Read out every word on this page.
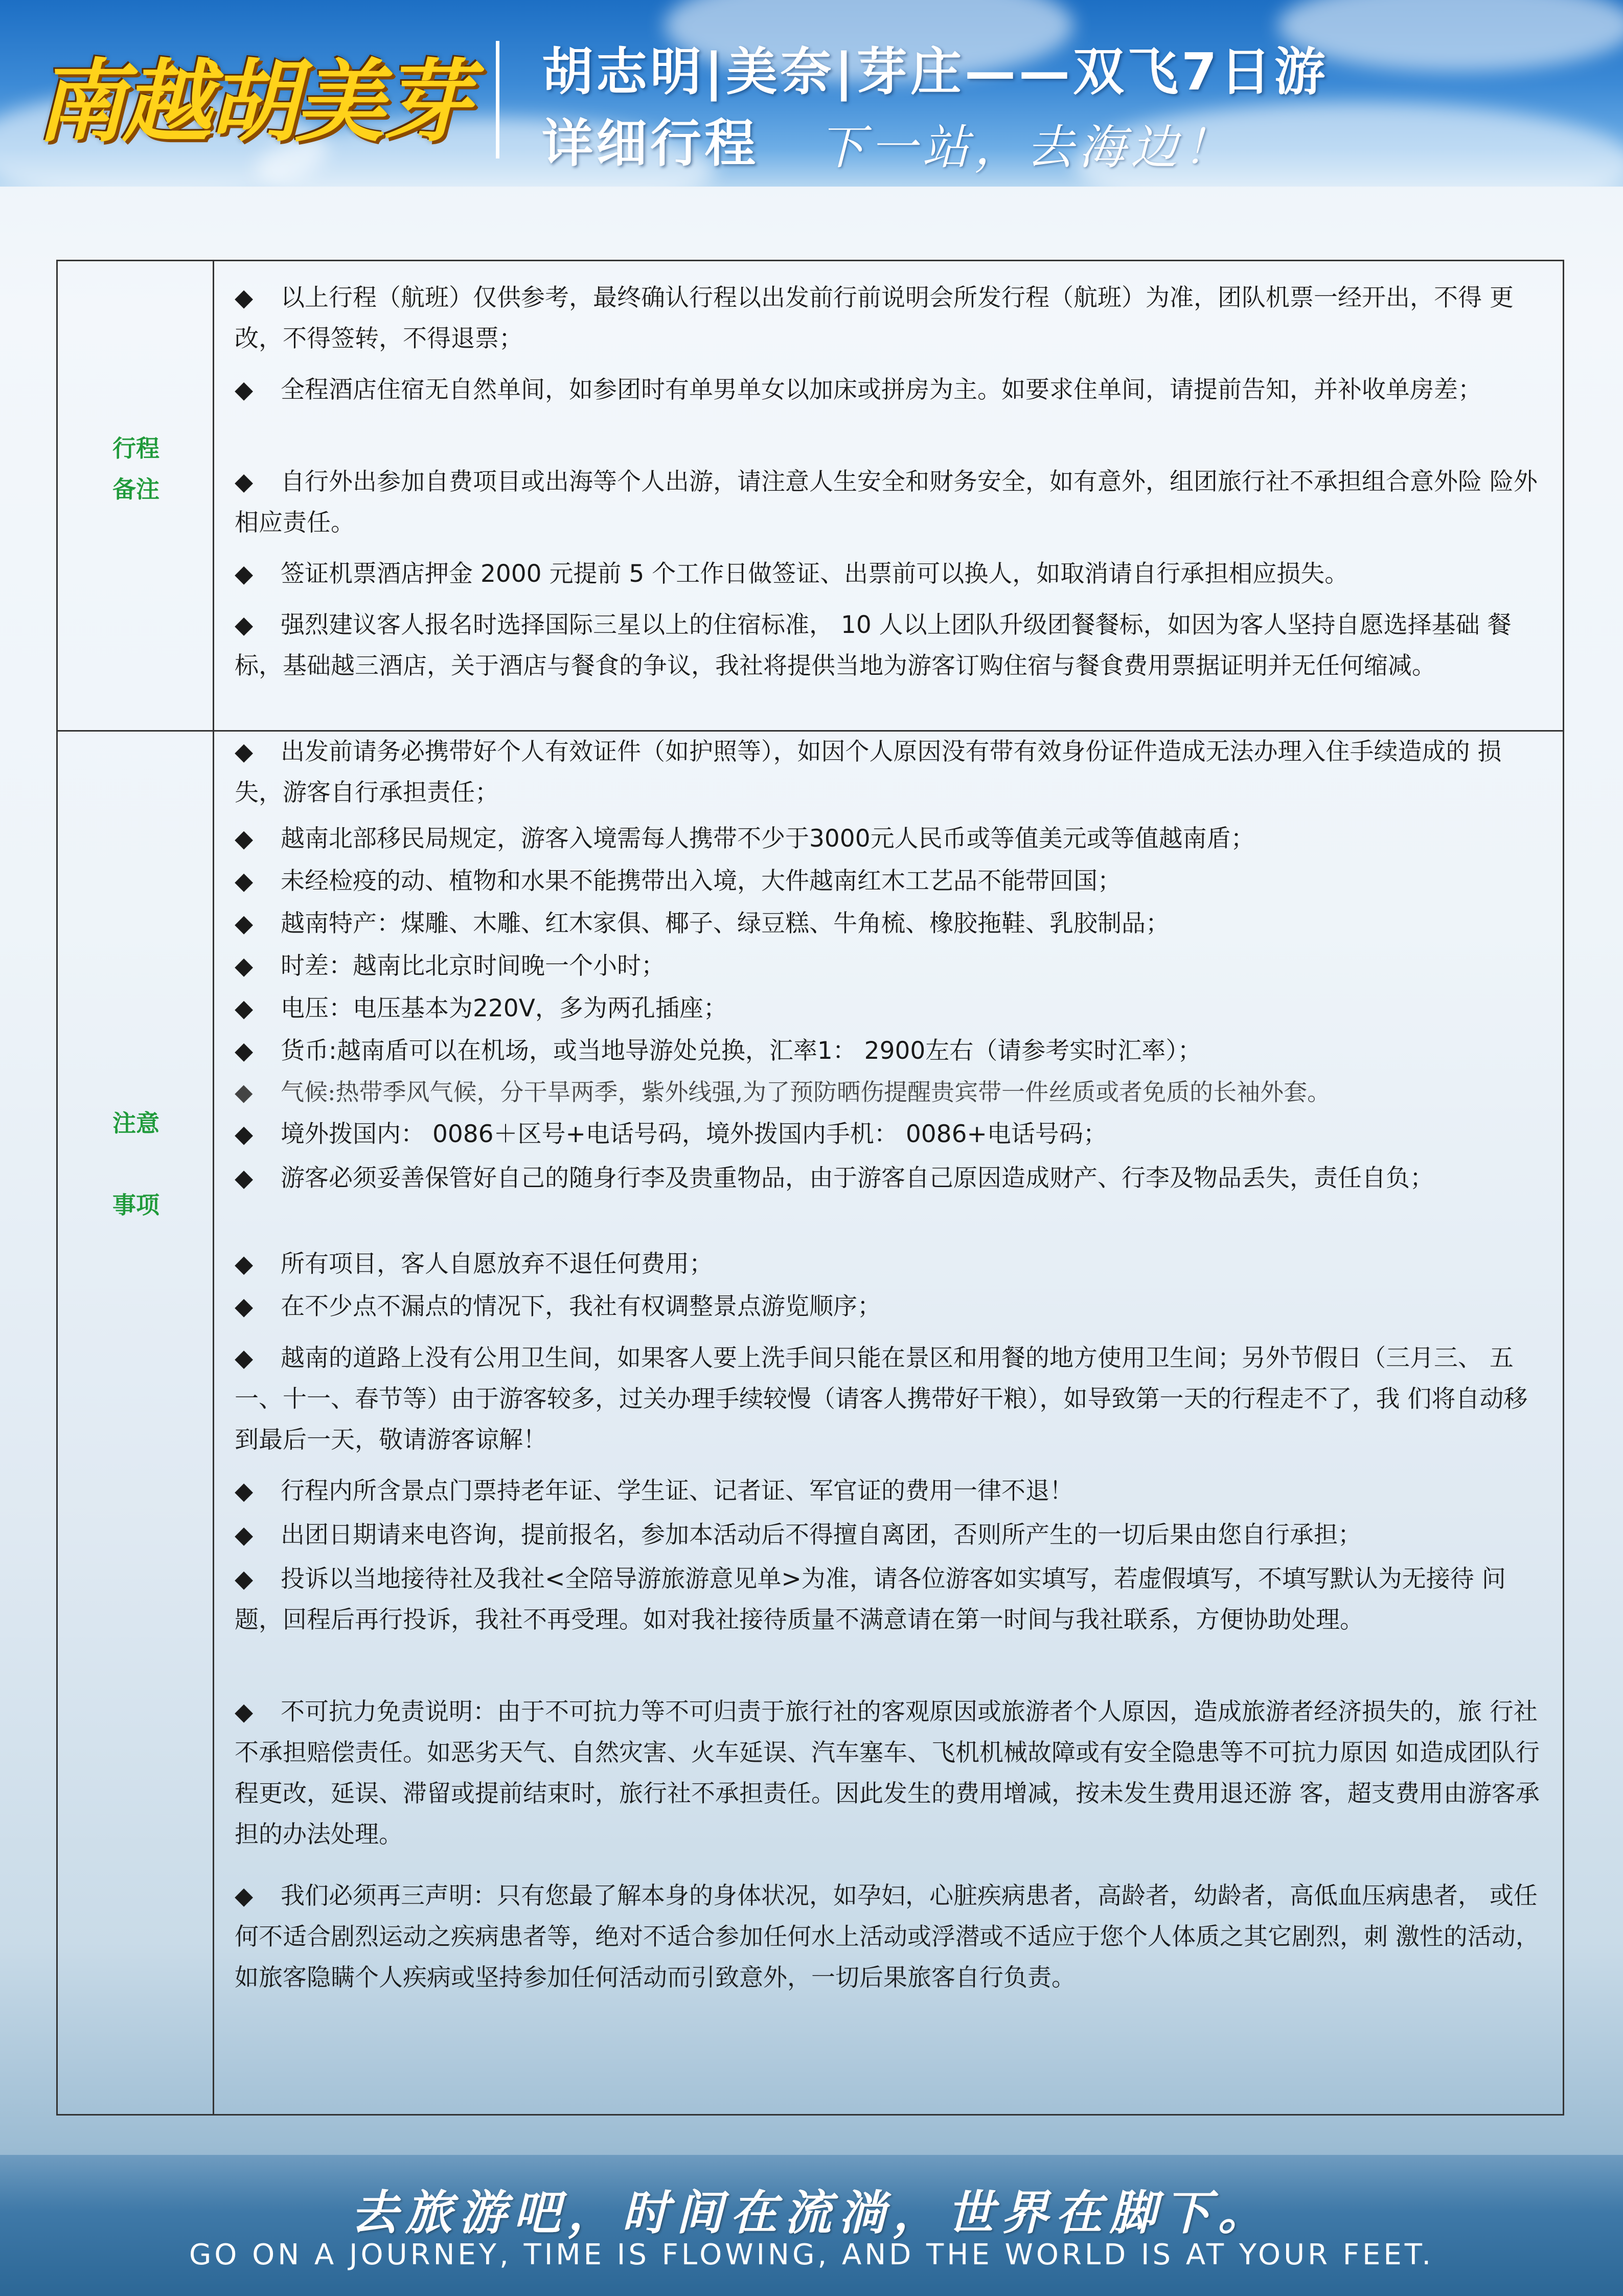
南越胡美芽 胡志明|美奈|芽庄——双飞7日游
详细行程 下一站，去海边！
行程
备注
◆ 以上行程（航班）仅供参考，最终确认行程以出发前行前说明会所发行程（航班）为准，团队机票一经开出，不得 更改，不得签转，不得退票；
◆ 全程酒店住宿无自然单间，如参团时有单男单女以加床或拼房为主。如要求住单间，请提前告知，并补收单房差；
◆ 自行外出参加自费项目或出海等个人出游，请注意人生安全和财务安全，如有意外，组团旅行社不承担组合意外险 险外相应责任。
◆ 签证机票酒店押金 2000 元提前 5 个工作日做签证、出票前可以换人，如取消请自行承担相应损失。
◆ 强烈建议客人报名时选择国际三星以上的住宿标准， 10 人以上团队升级团餐餐标，如因为客人坚持自愿选择基础 餐标，基础越三酒店，关于酒店与餐食的争议，我社将提供当地为游客订购住宿与餐食费用票据证明并无任何缩减。
注意
事项
◆ 出发前请务必携带好个人有效证件（如护照等），如因个人原因没有带有效身份证件造成无法办理入住手续造成的 损失，游客自行承担责任；
◆ 越南北部移民局规定，游客入境需每人携带不少于3000元人民币或等值美元或等值越南盾；
◆ 未经检疫的动、植物和水果不能携带出入境，大件越南红木工艺品不能带回国；
◆ 越南特产：煤雕、木雕、红木家俱、椰子、绿豆糕、牛角梳、橡胶拖鞋、乳胶制品；
◆ 时差：越南比北京时间晚一个小时；
◆ 电压：电压基本为220V，多为两孔插座；
◆ 货币:越南盾可以在机场，或当地导游处兑换，汇率1： 2900左右（请参考实时汇率）；
◆ 气候:热带季风气候，分干旱两季，紫外线强,为了预防晒伤提醒贵宾带一件丝质或者免质的长袖外套。
◆ 境外拨国内： 0086＋区号+电话号码，境外拨国内手机： 0086+电话号码；
◆ 游客必须妥善保管好自己的随身行李及贵重物品，由于游客自己原因造成财产、行李及物品丢失，责任自负；
◆ 所有项目，客人自愿放弃不退任何费用；
◆ 在不少点不漏点的情况下，我社有权调整景点游览顺序；
◆ 越南的道路上没有公用卫生间，如果客人要上洗手间只能在景区和用餐的地方使用卫生间；另外节假日（三月三、 五一、十一、春节等）由于游客较多，过关办理手续较慢（请客人携带好干粮），如导致第一天的行程走不了，我 们将自动移到最后一天，敬请游客谅解！
◆ 行程内所含景点门票持老年证、学生证、记者证、军官证的费用一律不退！
◆ 出团日期请来电咨询，提前报名，参加本活动后不得擅自离团，否则所产生的一切后果由您自行承担；
◆ 投诉以当地接待社及我社<全陪导游旅游意见单>为准，请各位游客如实填写，若虚假填写，不填写默认为无接待 问题，回程后再行投诉，我社不再受理。如对我社接待质量不满意请在第一时间与我社联系，方便协助处理。
◆ 不可抗力免责说明：由于不可抗力等不可归责于旅行社的客观原因或旅游者个人原因，造成旅游者经济损失的，旅 行社不承担赔偿责任。如恶劣天气、自然灾害、火车延误、汽车塞车、飞机机械故障或有安全隐患等不可抗力原因 如造成团队行程更改，延误、滞留或提前结束时，旅行社不承担责任。因此发生的费用增减，按未发生费用退还游 客，超支费用由游客承担的办法处理。
◆ 我们必须再三声明：只有您最了解本身的身体状况，如孕妇，心脏疾病患者，高龄者，幼龄者，高低血压病患者， 或任何不适合剧烈运动之疾病患者等，绝对不适合参加任何水上活动或浮潜或不适应于您个人体质之其它剧烈，刺 激性的活动，如旅客隐瞒个人疾病或坚持参加任何活动而引致意外，一切后果旅客自行负责。
去旅游吧，时间在流淌，世界在脚下。
GO ON A JOURNEY, TIME IS FLOWING, AND THE WORLD IS AT YOUR FEET.
